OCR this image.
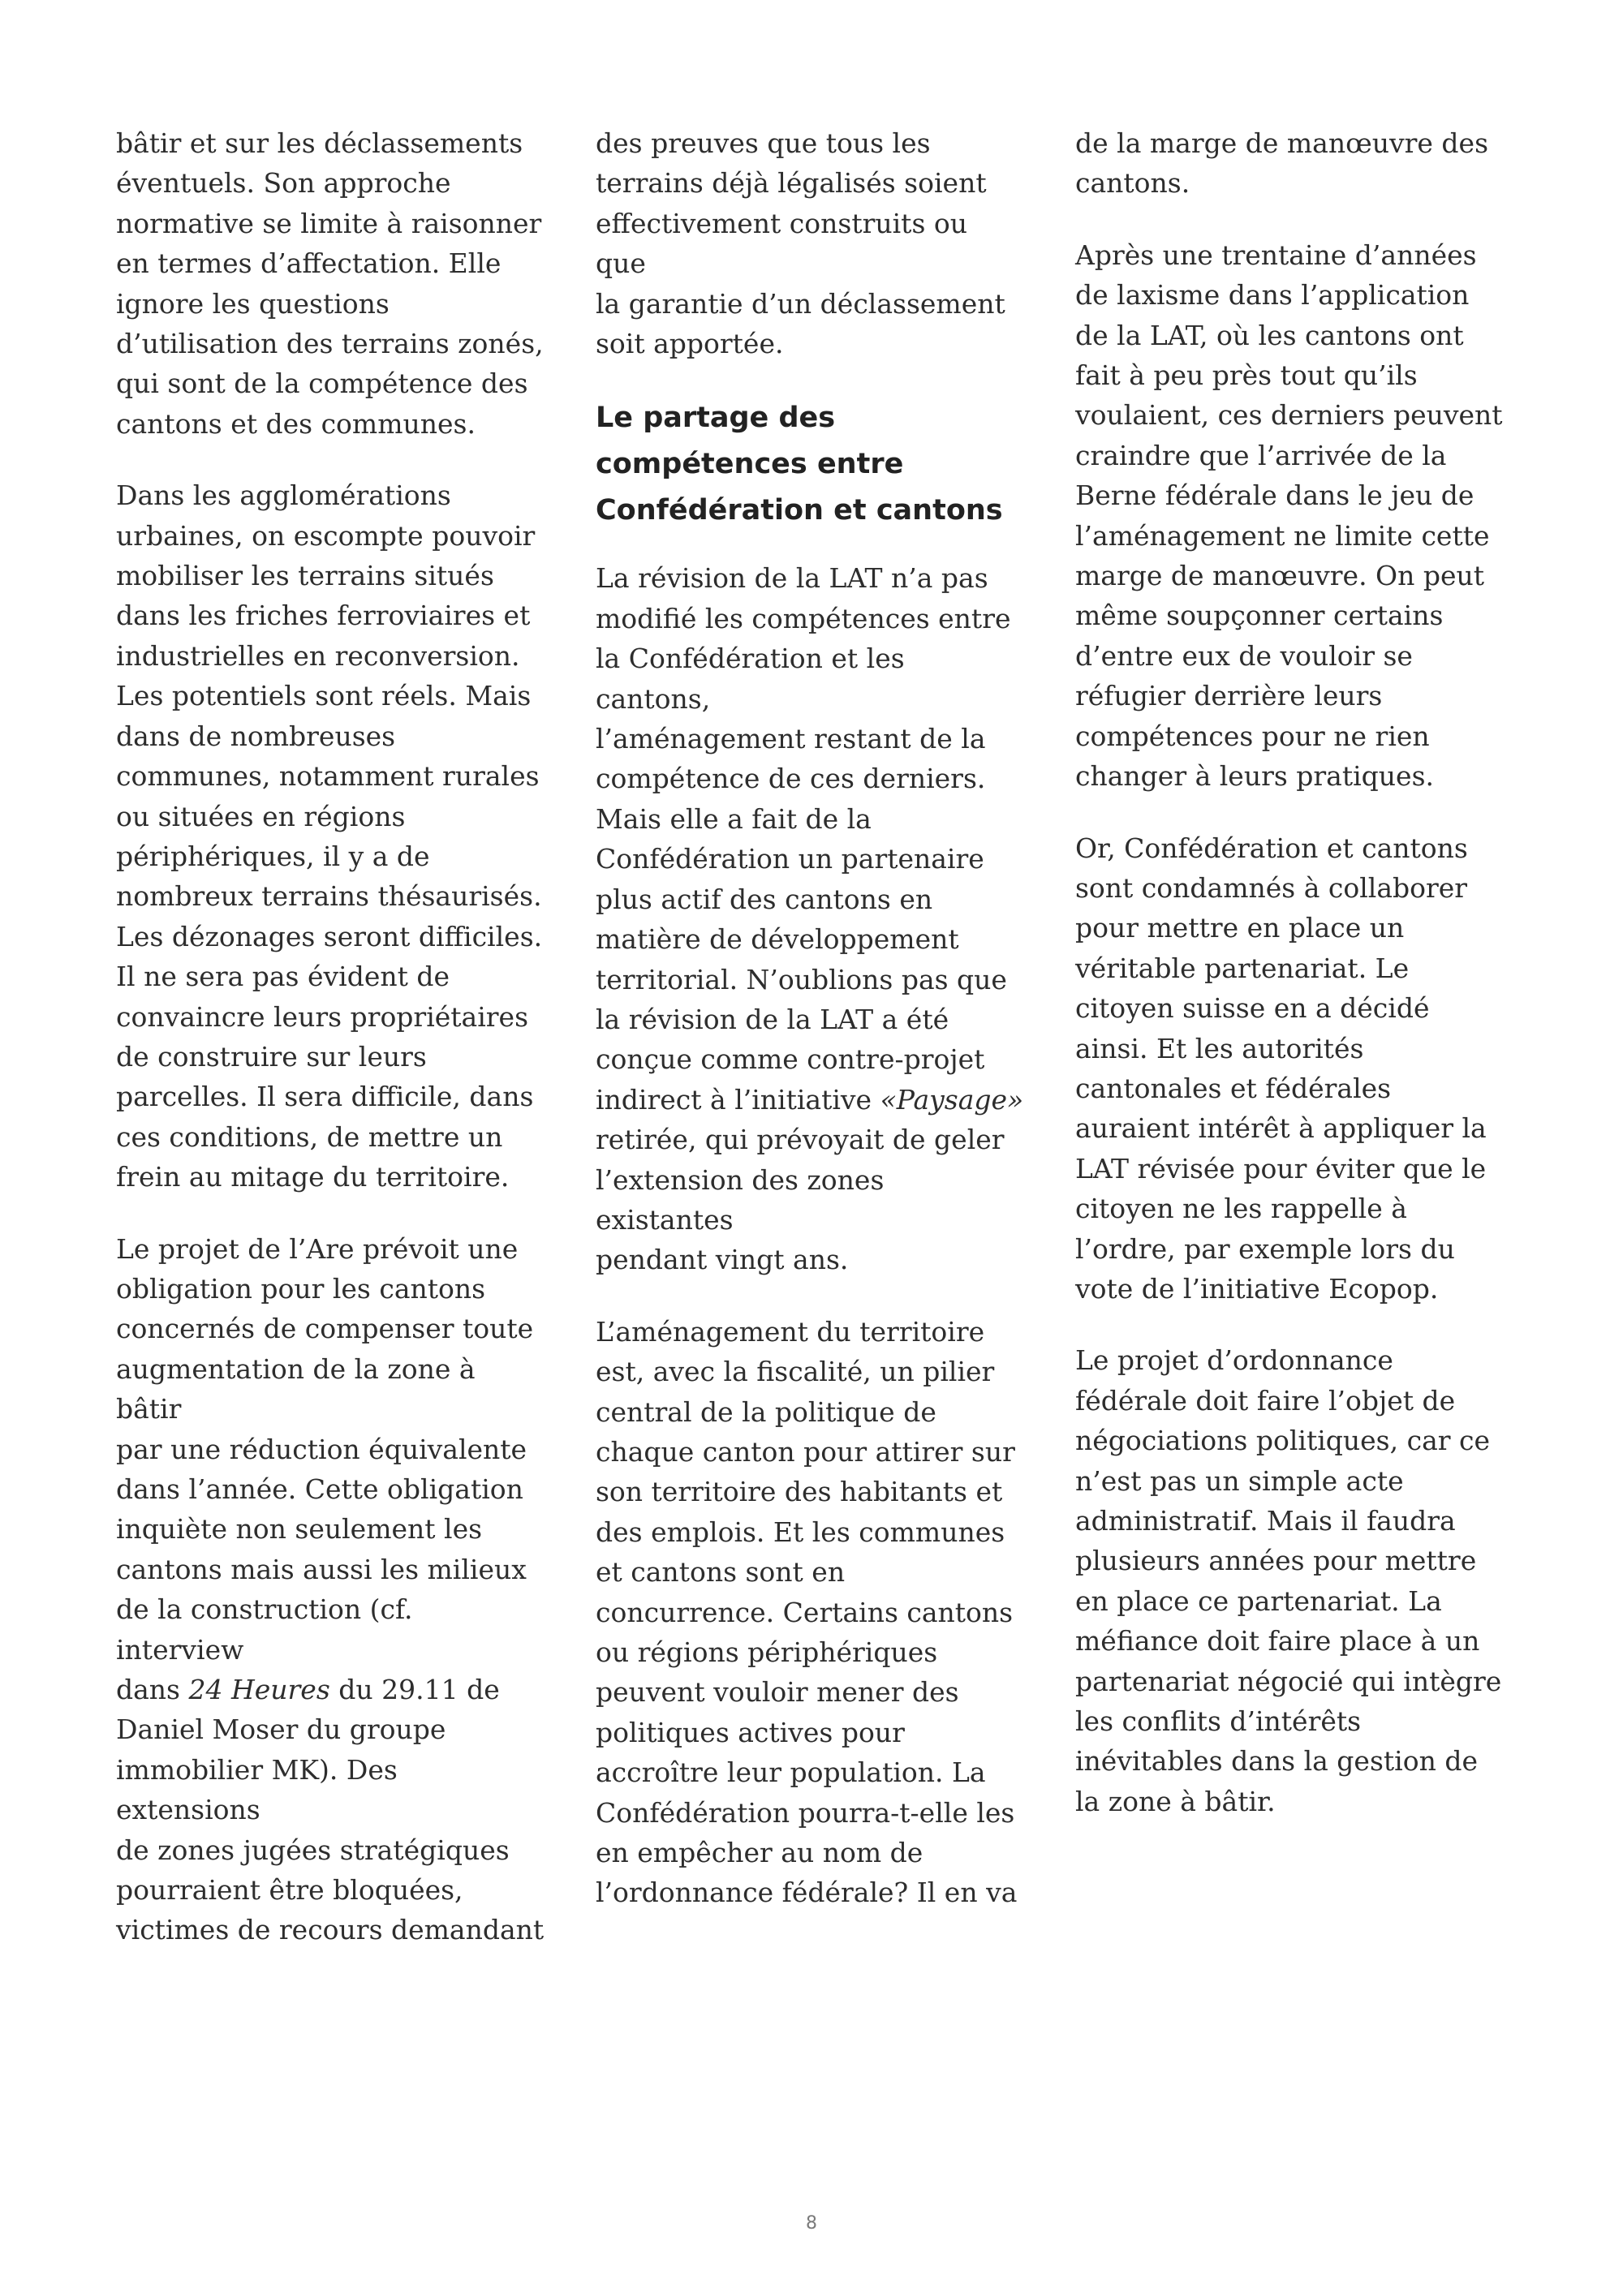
bâtir et sur les déclassements
éventuels. Son approche
normative se limite à raisonner
en termes d’affectation. Elle
ignore les questions
d’utilisation des terrains zonés,
qui sont de la compétence des
cantons et des communes.

Dans les agglomérations
urbaines, on escompte pouvoir
mobiliser les terrains situés
dans les friches ferroviaires et
industrielles en reconversion.
Les potentiels sont réels. Mais
dans de nombreuses
communes, notamment rurales
ou situées en régions
périphériques, il y a de
nombreux terrains thésaurisés.
Les dézonages seront difficiles.
Il ne sera pas évident de
convaincre leurs propriétaires
de construire sur leurs
parcelles. Il sera difficile, dans
ces conditions, de mettre un
frein au mitage du territoire.

Le projet de l’Are prévoit une
obligation pour les cantons
concernés de compenser toute
augmentation de la zone à bâtir
par une réduction équivalente
dans l’année. Cette obligation
inquiète non seulement les
cantons mais aussi les milieux
de la construction (cf. interview
dans 24 Heures du 29.11 de
Daniel Moser du groupe
immobilier MK). Des extensions
de zones jugées stratégiques
pourraient être bloquées,
victimes de recours demandant

des preuves que tous les
terrains déjà légalisés soient
effectivement construits ou que
la garantie d’un déclassement
soit apportée.

Le partage des
compétences entre
Confédération et cantons

La révision de la LAT n’a pas
modifié les compétences entre
la Confédération et les cantons,
l’aménagement restant de la
compétence de ces derniers.
Mais elle a fait de la
Confédération un partenaire
plus actif des cantons en
matière de développement
territorial. N’oublions pas que
la révision de la LAT a été
conçue comme contre-projet
indirect à l’initiative «Paysage»
retirée, qui prévoyait de geler
l’extension des zones existantes
pendant vingt ans.

L’aménagement du territoire
est, avec la fiscalité, un pilier
central de la politique de
chaque canton pour attirer sur
son territoire des habitants et
des emplois. Et les communes
et cantons sont en
concurrence. Certains cantons
ou régions périphériques
peuvent vouloir mener des
politiques actives pour
accroître leur population. La
Confédération pourra-t-elle les
en empêcher au nom de
l’ordonnance fédérale? Il en va

de la marge de manœuvre des
cantons.

Après une trentaine d’années
de laxisme dans l’application
de la LAT, où les cantons ont
fait à peu près tout qu’ils
voulaient, ces derniers peuvent
craindre que l’arrivée de la
Berne fédérale dans le jeu de
l’aménagement ne limite cette
marge de manœuvre. On peut
même soupçonner certains
d’entre eux de vouloir se
réfugier derrière leurs
compétences pour ne rien
changer à leurs pratiques.

Or, Confédération et cantons
sont condamnés à collaborer
pour mettre en place un
véritable partenariat. Le
citoyen suisse en a décidé
ainsi. Et les autorités
cantonales et fédérales
auraient intérêt à appliquer la
LAT révisée pour éviter que le
citoyen ne les rappelle à
l’ordre, par exemple lors du
vote de l’initiative Ecopop.

Le projet d’ordonnance
fédérale doit faire l’objet de
négociations politiques, car ce
n’est pas un simple acte
administratif. Mais il faudra
plusieurs années pour mettre
en place ce partenariat. La
méfiance doit faire place à un
partenariat négocié qui intègre
les conflits d’intérêts
inévitables dans la gestion de
la zone à bâtir.

8
